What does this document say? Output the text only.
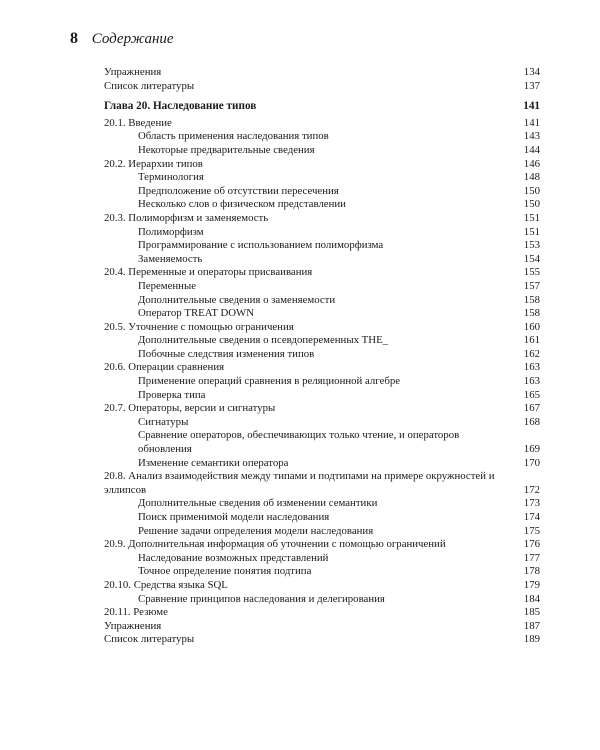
8 Содержание
Упражнения	134
Список литературы	137
Глава 20. Наследование типов	141
20.1. Введение	141
Область применения наследования типов	143
Некоторые предварительные сведения	144
20.2. Иерархии типов	146
Терминология	148
Предположение об отсутствии пересечения	150
Несколько слов о физическом представлении	150
20.3. Полиморфизм и заменяемость	151
Полиморфизм	151
Программирование с использованием полиморфизма	153
Заменяемость	154
20.4. Переменные и операторы присваивания	155
Переменные	157
Дополнительные сведения о заменяемости	158
Оператор TREAT DOWN	158
20.5. Уточнение с помощью ограничения	160
Дополнительные сведения о псевдопеременных THE_	161
Побочные следствия изменения типов	162
20.6. Операции сравнения	163
Применение операций сравнения в реляционной алгебре	163
Проверка типа	165
20.7. Операторы, версии и сигнатуры	167
Сигнатуры	168
Сравнение операторов, обеспечивающих только чтение, и операторов обновления	169
Изменение семантики оператора	170
20.8. Анализ взаимодействия между типами и подтипами на примере окружностей и эллипсов	172
Дополнительные сведения об изменении семантики	173
Поиск применимой модели наследования	174
Решение задачи определения модели наследования	175
20.9. Дополнительная информация об уточнении с помощью ограничений	176
Наследование возможных представлений	177
Точное определение понятия подтипа	178
20.10. Средства языка SQL	179
Сравнение принципов наследования и делегирования	184
20.11. Резюме	185
Упражнения	187
Список литературы	189
